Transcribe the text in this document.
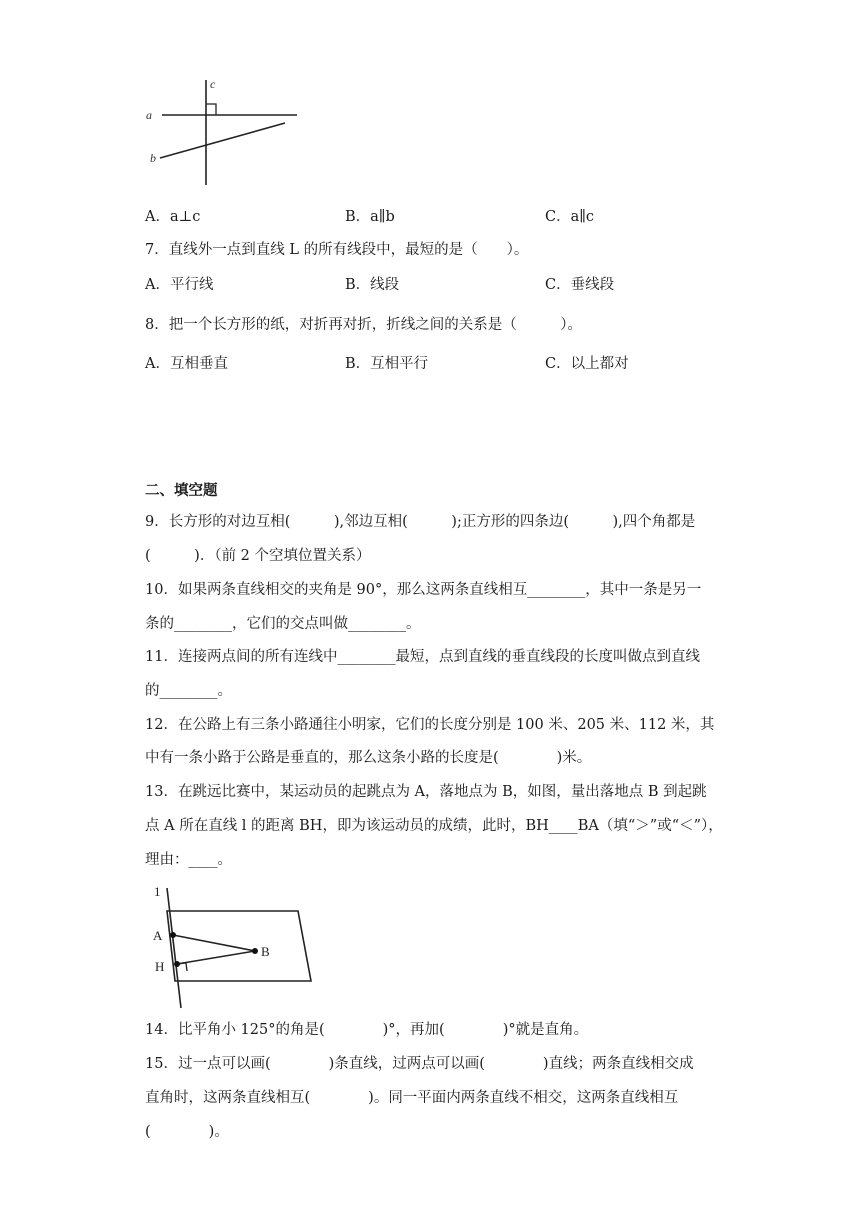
a
b
c
A．a⊥c	B．a∥b	C．a∥c
7．直线外一点到直线 L 的所有线段中，最短的是（　　）。
A．平行线	B．线段	C．垂线段
8．把一个长方形的纸，对折再对折，折线之间的关系是（　　　）。
A．互相垂直	B．互相平行	C．以上都对
二、填空题
9．长方形的对边互相(　　　),邻边互相(　　　);正方形的四条边(　　　),四个角都是
(　　　)．（前 2 个空填位置关系）
10．如果两条直线相交的夹角是 90°，那么这两条直线相互________，其中一条是另一
条的________，它们的交点叫做________。
11．连接两点间的所有连线中________最短，点到直线的垂直线段的长度叫做点到直线
的________。
12．在公路上有三条小路通往小明家，它们的长度分别是 100 米、205 米、112 米，其
中有一条小路于公路是垂直的，那么这条小路的长度是(　　　　)米。
13．在跳远比赛中，某运动员的起跳点为 A，落地点为 B，如图，量出落地点 B 到起跳
点 A 所在直线 l 的距离 BH，即为该运动员的成绩，此时，BH____BA（填“＞”或“＜”），
理由：____。
1
A
H
B
14．比平角小 125°的角是(　　　　)°，再加(　　　　)°就是直角。
15．过一点可以画(　　　　)条直线，过两点可以画(　　　　)直线；两条直线相交成
直角时，这两条直线相互(　　　　)。同一平面内两条直线不相交，这两条直线相互
(　　　　)。
